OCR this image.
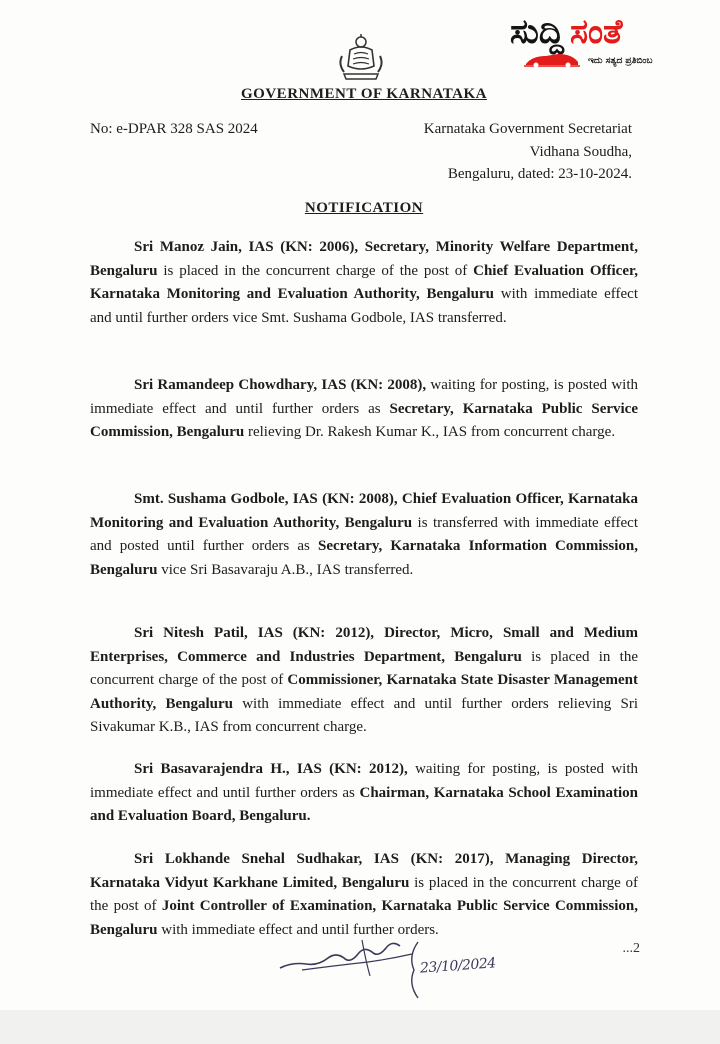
ಸುದ್ದಿ ಸಂತೆ
ಇದು ಸತ್ಯದ ಪ್ರತಿಬಿಂಬ
GOVERNMENT OF KARNATAKA
No: e-DPAR 328 SAS 2024	Karnataka Government Secretariat
Vidhana Soudha,
Bengaluru, dated: 23-10-2024.
NOTIFICATION

Sri Manoz Jain, IAS (KN: 2006), Secretary, Minority Welfare Department, Bengaluru is placed in the concurrent charge of the post of Chief Evaluation Officer, Karnataka Monitoring and Evaluation Authority, Bengaluru with immediate effect and until further orders vice Smt. Sushama Godbole, IAS transferred.

Sri Ramandeep Chowdhary, IAS (KN: 2008), waiting for posting, is posted with immediate effect and until further orders as Secretary, Karnataka Public Service Commission, Bengaluru relieving Dr. Rakesh Kumar K., IAS from concurrent charge.

Smt. Sushama Godbole, IAS (KN: 2008), Chief Evaluation Officer, Karnataka Monitoring and Evaluation Authority, Bengaluru is transferred with immediate effect and posted until further orders as Secretary, Karnataka Information Commission, Bengaluru vice Sri Basavaraju A.B., IAS transferred.

Sri Nitesh Patil, IAS (KN: 2012), Director, Micro, Small and Medium Enterprises, Commerce and Industries Department, Bengaluru is placed in the concurrent charge of the post of Commissioner, Karnataka State Disaster Management Authority, Bengaluru with immediate effect and until further orders relieving Sri Sivakumar K.B., IAS from concurrent charge.

Sri Basavarajendra H., IAS (KN: 2012), waiting for posting, is posted with immediate effect and until further orders as Chairman, Karnataka School Examination and Evaluation Board, Bengaluru.

Sri Lokhande Snehal Sudhakar, IAS (KN: 2017), Managing Director, Karnataka Vidyut Karkhane Limited, Bengaluru is placed in the concurrent charge of the post of Joint Controller of Examination, Karnataka Public Service Commission, Bengaluru with immediate effect and until further orders.

...2
23/10/2024
